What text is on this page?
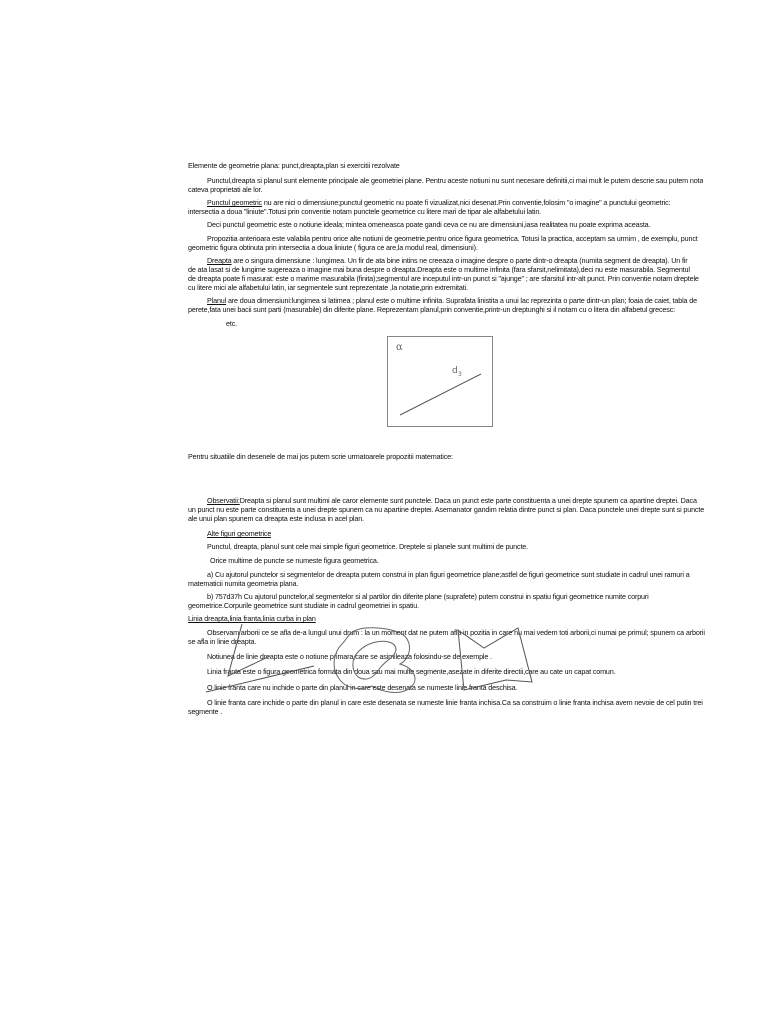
Elemente de geometrie plana: punct,dreapta,plan si exercitii rezolvate
Punctul,dreapta si planul sunt elemente principale ale geometriei plane. Pentru aceste notiuni nu sunt necesare definitii,ci mai mult le putem descrie sau putem nota
cateva proprietati ale lor.
Punctul geometric nu are nici o dimensiune;punctul geometric nu poate fi vizualizat,nici desenat.Prin conventie,folosim "o imagine" a punctului geometric:
intersectia a doua "liniute".Totusi prin conventie notam punctele geometrice cu litere mari de tipar ale alfabetului latin.
Deci punctul geometric este o notiune ideala; mintea omeneasca poate gandi ceva ce nu are dimensiuni,iasa realitatea nu poate exprima aceasta.
Propozitia anterioara este valabila pentru orice alte notiuni de geometrie,pentru orice figura geometrica. Totusi la practica, acceptam sa urmim , de exemplu, punct
geometric figura obtinuta prin intersectia a doua liniute ( figura ce are,la modul real, dimensiuni).
Dreapta are o singura dimensiune : lungimea. Un fir de ata bine intins ne creeaza o imagine despre o parte dintr-o dreapta (numita segment de dreapta). Un fir
de ata lasat si de lungime sugereaza o imagine mai buna despre o dreapta.Dreapta este o multime infinita (fara sfarsit,nelimitata),deci nu este masurabila. Segmentul
de dreapta poate fi masurat: este o marime masurabila (finita);segmentul are inceputul intr-un punct si "ajunge" ; are sfarsitul intr-alt punct. Prin conventie notam dreptele
cu litere mici ale alfabetului latin, iar segmentele sunt reprezentate ,la notatie,prin extremitati.
Planul are doua dimensiuni:lungimea si latimea ; planul este o multime infinita. Suprafata linistita a unui lac reprezinta o parte dintr-un plan; foaia de caiet, tabla de
perete,fata unei bacii sunt parti (masurabile) din diferite plane. Reprezentam planul,prin conventie,printr-un dreptunghi si il notam cu o litera din alfabetul grecesc:
etc.
α
d 3
Pentru situatiile din desenele de mai jos putem scrie urmatoarele propozitii matematice:
Observatii:Dreapta si planul sunt multimi ale caror elemente sunt punctele. Daca un punct este parte constituenta a unei drepte spunem ca apartine dreptei. Daca
un punct nu este parte constituenta a unei drepte spunem ca nu apartine dreptei. Asemanator gandim relatia dintre punct si plan. Daca punctele unei drepte sunt si puncte
ale unui plan spunem ca dreapta este inclusa in acel plan.
Alte figuri geometrice
Punctul, dreapta, planul sunt cele mai simple figuri geometrice. Dreptele si planele sunt multimi de puncte.
Orice multime de puncte se numeste figura geometrica.
a) Cu ajutorul punctelor si segmentelor de dreapta putem construi in plan figuri geometrice plane;astfel de figuri geometrice sunt studiate in cadrul unei ramuri a
matematicii numita geometria plana.
b) 757d37h Cu ajutorul punctelor,al segmentelor si al partilor din diferite plane (suprafete) putem construi in spatiu figuri geometrice numite corpuri
geometrice.Corpurile geometrice sunt studiate in cadrul geometriei in spatiu.
Linia dreapta,linia franta,linia curba in plan
Observam arborii ce se afla de-a lungul unui drum : la un moment dat ne putem afla in pozitia in care nu mai vedem toti arborii,ci numai pe primul; spunem ca arborii
se afla in linie dreapta.
Notiunea de linie dreapta este o notiune primara,care se asimileaza folosindu-se de exemple .
Linia franta este o figura geometrica formata din doua sau mai multe segmente,asezate in diferite directii,care au cate un capat comun.
O linie franta care nu inchide o parte din planul in care este desenata se numeste linie franta deschisa.
O linie franta care inchide o parte din planul in care este desenata se numeste linie franta inchisa.Ca sa construim o linie franta inchisa avem nevoie de cel putin trei
segmente .
